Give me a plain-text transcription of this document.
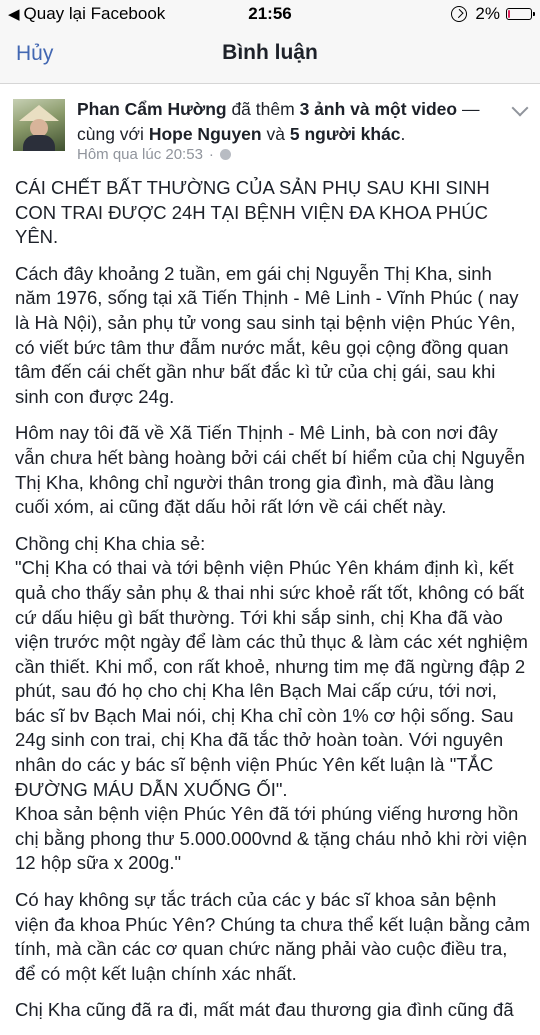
◀ Quay lại Facebook	21:56	2%
Hủy	Bình luận
Phan Cẩm Hường đã thêm 3 ảnh và một video — cùng với Hope Nguyen và 5 người khác.
Hôm qua lúc 20:53 ·

CÁI CHẾT BẤT THƯỜNG CỦA SẢN PHỤ SAU KHI SINH CON TRAI ĐƯỢC 24H TẠI BỆNH VIỆN ĐA KHOA PHÚC YÊN.

Cách đây khoảng 2 tuần, em gái chị Nguyễn Thị Kha, sinh năm 1976, sống tại xã Tiến Thịnh - Mê Linh - Vĩnh Phúc ( nay là Hà Nội), sản phụ tử vong sau sinh tại bệnh viện Phúc Yên, có viết bức tâm thư đẫm nước mắt, kêu gọi cộng đồng quan tâm đến cái chết gần như bất đắc kì tử của chị gái, sau khi sinh con được 24g.

Hôm nay tôi đã về Xã Tiến Thịnh - Mê Linh, bà con nơi đây vẫn chưa hết bàng hoàng bởi cái chết bí hiểm của chị Nguyễn Thị Kha, không chỉ người thân trong gia đình, mà đầu làng cuối xóm, ai cũng đặt dấu hỏi rất lớn về cái chết này.

Chồng chị Kha chia sẻ:

"Chị Kha có thai và tới bệnh viện Phúc Yên khám định kì, kết quả cho thấy sản phụ & thai nhi sức khoẻ rất tốt, không có bất cứ dấu hiệu gì bất thường. Tới khi sắp sinh, chị Kha đã vào viện trước một ngày để làm các thủ thục & làm các xét nghiệm cần thiết. Khi mổ, con rất khoẻ, nhưng tim mẹ đã ngừng đập 2 phút, sau đó họ cho chị Kha lên Bạch Mai cấp cứu, tới nơi, bác sĩ bv Bạch Mai nói, chị Kha chỉ còn 1% cơ hội sống. Sau 24g sinh con trai, chị Kha đã tắc thở hoàn toàn. Với nguyên nhân do các y bác sĩ bệnh viện Phúc Yên kết luận là "TẮC ĐƯỜNG MÁU DẪN XUỐNG ỐI".

Khoa sản bệnh viện Phúc Yên đã tới phúng viếng hương hồn chị bằng phong thư 5.000.000vnd & tặng cháu nhỏ khi rời viện 12 hộp sữa x 200g."

Có hay không sự tắc trách của các y bác sĩ khoa sản bệnh viện đa khoa Phúc Yên? Chúng ta chưa thể kết luận bằng cảm tính, mà cần các cơ quan chức năng phải vào cuộc điều tra, để có một kết luận chính xác nhất.

Chị Kha cũng đã ra đi, mất mát đau thương gia đình cũng đã
